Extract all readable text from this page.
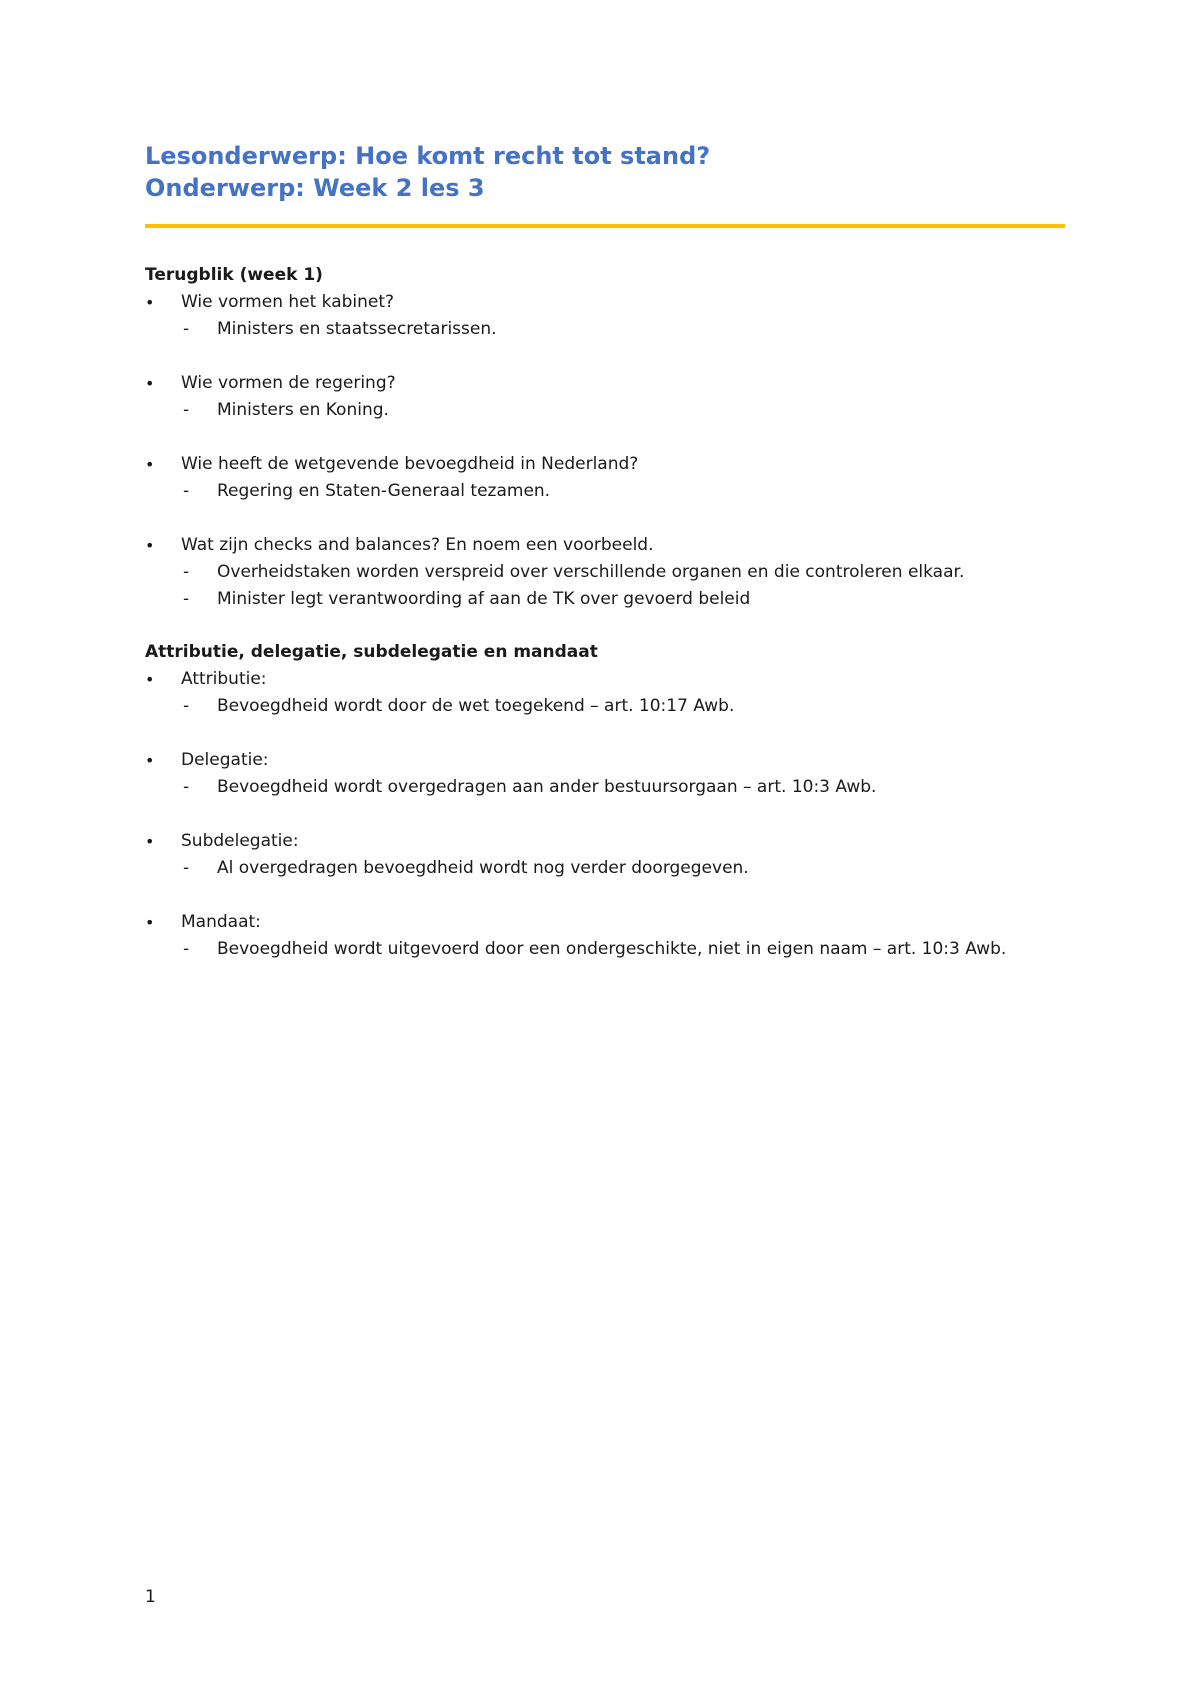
Lesonderwerp: Hoe komt recht tot stand?
Onderwerp: Week 2 les 3

Terugblik (week 1)

•	Wie vormen het kabinet?

- Ministers en staatssecretarissen.

•	Wie vormen de regering?

- Ministers en Koning.

•	Wie heeft de wetgevende bevoegdheid in Nederland?

- Regering en Staten-Generaal tezamen.

•	Wat zijn checks and balances? En noem een voorbeeld.

- Overheidstaken worden verspreid over verschillende organen en die controleren elkaar.
- Minister legt verantwoording af aan de TK over gevoerd beleid

Attributie, delegatie, subdelegatie en mandaat

•	Attributie:

- Bevoegdheid wordt door de wet toegekend – art. 10:17 Awb.

•	Delegatie:

- Bevoegdheid wordt overgedragen aan ander bestuursorgaan – art. 10:3 Awb.

•	Subdelegatie:

- Al overgedragen bevoegdheid wordt nog verder doorgegeven.

•	Mandaat:

- Bevoegdheid wordt uitgevoerd door een ondergeschikte, niet in eigen naam – art. 10:3 Awb.
1
